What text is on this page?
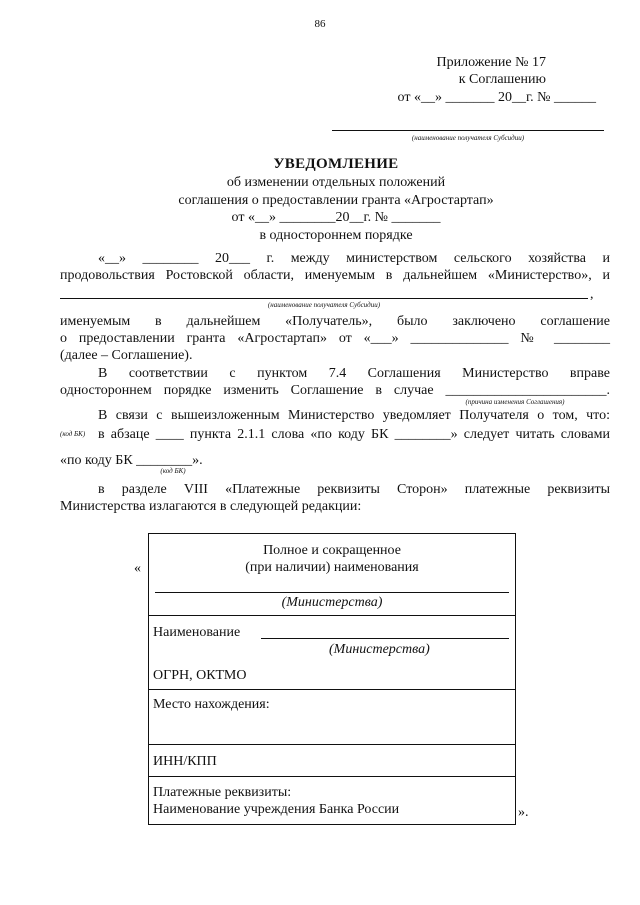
86
Приложение № 17
к Соглашению
от «__» _______ 20__г. № ______
(наименование получателя Субсидии)
УВЕДОМЛЕНИЕ
об изменении отдельных положений
соглашения о предоставлении гранта «Агростартап»
от «__» ________20__г. № _______
в одностороннем порядке
«__» ________ 20___ г. между министерством сельского хозяйства и
продовольствия Ростовской области, именуемым в дальнейшем «Министерство», и
,
(наименование получателя Субсидии)
именуемым в дальнейшем «Получатель», было заключено соглашение
о предоставлении гранта «Агростартап» от «___» ______________ № ________
(далее – Соглашение).
В соответствии с пунктом 7.4 Соглашения Министерство вправе
одностороннем порядке изменить Соглашение в случае _______________________.
(причина изменения Соглашения)
В связи с вышеизложенным Министерство уведомляет Получателя о том, что:
(код БК) в абзаце ____ пункта 2.1.1 слова «по коду БК ________» следует читать словами
«по коду БК ________».
(код БК)
в разделе VIII «Платежные реквизиты Сторон» платежные реквизиты
Министерства излагаются в следующей редакции:
«
».
Полное и сокращенное
(при наличии) наименования
(Министерства)
Наименование
(Министерства)
ОГРН, ОКТМО
Место нахождения:
ИНН/КПП
Платежные реквизиты:
Наименование учреждения Банка России
